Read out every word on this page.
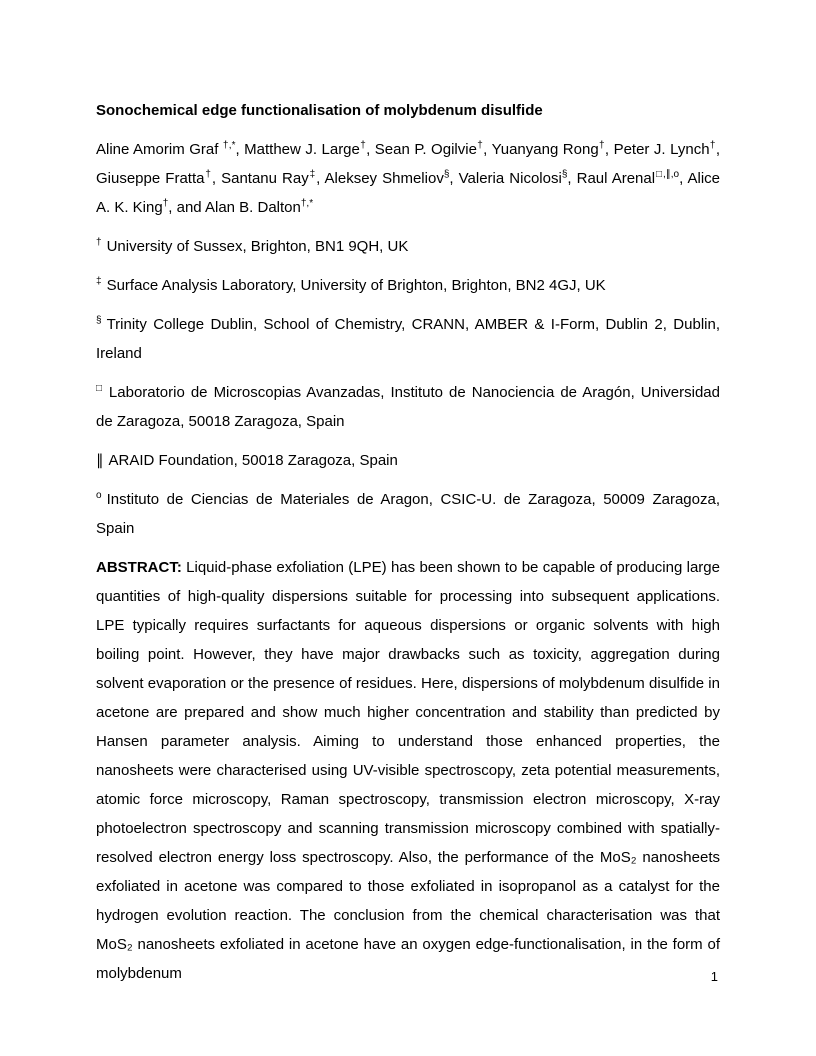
Sonochemical edge functionalisation of molybdenum disulfide

Aline Amorim Graf †,*, Matthew J. Large†, Sean P. Ogilvie†, Yuanyang Rong†, Peter J. Lynch†, Giuseppe Fratta†, Santanu Ray‡, Aleksey Shmeliov§, Valeria Nicolosi§, Raul Arenal$^{□,\parallel,o}$, Alice A. K. King†, and Alan B. Dalton†,*

† University of Sussex, Brighton, BN1 9QH, UK

‡ Surface Analysis Laboratory, University of Brighton, Brighton, BN2 4GJ, UK

§ Trinity College Dublin, School of Chemistry, CRANN, AMBER & I-Form, Dublin 2, Dublin, Ireland

□ Laboratorio de Microscopias Avanzadas, Instituto de Nanociencia de Aragón, Universidad de Zaragoza, 50018 Zaragoza, Spain

∥ ARAID Foundation, 50018 Zaragoza, Spain

$^o$ Instituto de Ciencias de Materiales de Aragon, CSIC-U. de Zaragoza, 50009 Zaragoza, Spain

ABSTRACT: Liquid-phase exfoliation (LPE) has been shown to be capable of producing large quantities of high-quality dispersions suitable for processing into subsequent applications. LPE typically requires surfactants for aqueous dispersions or organic solvents with high boiling point. However, they have major drawbacks such as toxicity, aggregation during solvent evaporation or the presence of residues. Here, dispersions of molybdenum disulfide in acetone are prepared and show much higher concentration and stability than predicted by Hansen parameter analysis. Aiming to understand those enhanced properties, the nanosheets were characterised using UV-visible spectroscopy, zeta potential measurements, atomic force microscopy, Raman spectroscopy, transmission electron microscopy, X-ray photoelectron spectroscopy and scanning transmission microscopy combined with spatially-resolved electron energy loss spectroscopy. Also, the performance of the MoS₂ nanosheets exfoliated in acetone was compared to those exfoliated in isopropanol as a catalyst for the hydrogen evolution reaction. The conclusion from the chemical characterisation was that MoS₂ nanosheets exfoliated in acetone have an oxygen edge-functionalisation, in the form of molybdenum	1
